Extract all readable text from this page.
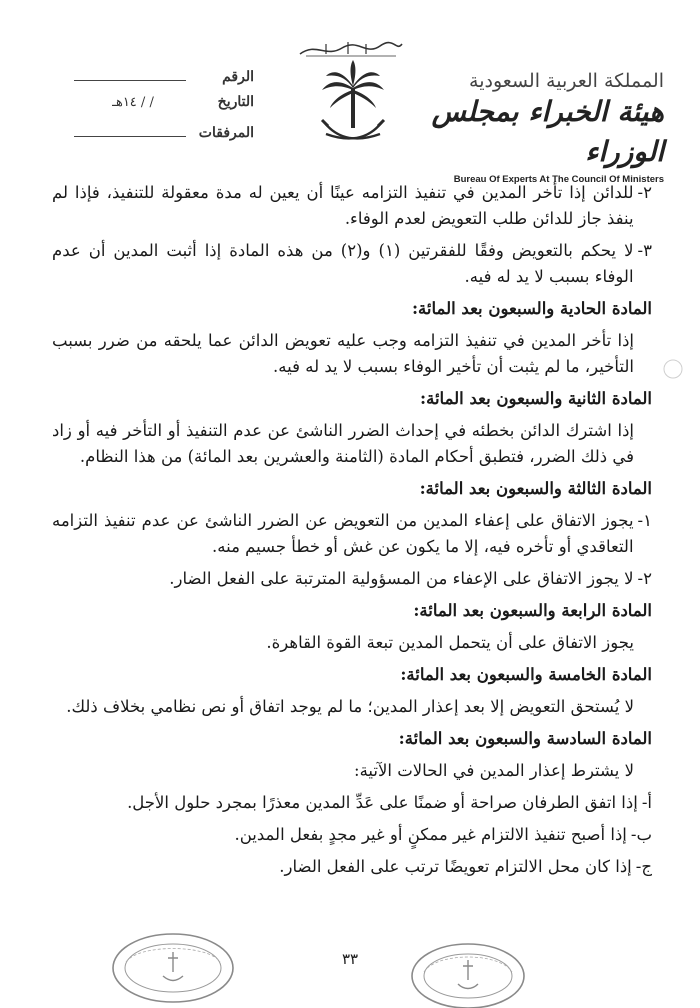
المملكة العربية السعودية
هيئة الخبراء بمجلس الوزراء
Bureau Of Experts At The Council Of Ministers
الرقم
التاريخ
/ / ١٤هـ
المرفقات
٢-
للدائن إذا تأخر المدين في تنفيذ التزامه عينًا أن يعين له مدة معقولة للتنفيذ، فإذا لم ينفذ جاز للدائن طلب التعويض لعدم الوفاء.
٣-
لا يحكم بالتعويض وفقًا للفقرتين (١) و(٢) من هذه المادة إذا أثبت المدين أن عدم الوفاء بسبب لا يد له فيه.
المادة الحادية والسبعون بعد المائة:

إذا تأخر المدين في تنفيذ التزامه وجب عليه تعويض الدائن عما يلحقه من ضرر بسبب التأخير، ما لم يثبت أن تأخير الوفاء بسبب لا يد له فيه.

المادة الثانية والسبعون بعد المائة:

إذا اشترك الدائن بخطئه في إحداث الضرر الناشئ عن عدم التنفيذ أو التأخر فيه أو زاد في ذلك الضرر، فتطبق أحكام المادة (الثامنة والعشرين بعد المائة) من هذا النظام.

المادة الثالثة والسبعون بعد المائة:
١-
يجوز الاتفاق على إعفاء المدين من التعويض عن الضرر الناشئ عن عدم تنفيذ التزامه التعاقدي أو تأخره فيه، إلا ما يكون عن غش أو خطأ جسيم منه.
٢-
لا يجوز الاتفاق على الإعفاء من المسؤولية المترتبة على الفعل الضار.
المادة الرابعة والسبعون بعد المائة:

يجوز الاتفاق على أن يتحمل المدين تبعة القوة القاهرة.

المادة الخامسة والسبعون بعد المائة:

لا يُستحق التعويض إلا بعد إعذار المدين؛ ما لم يوجد اتفاق أو نص نظامي بخلاف ذلك.

المادة السادسة والسبعون بعد المائة:

لا يشترط إعذار المدين في الحالات الآتية:

أ-
إذا اتفق الطرفان صراحة أو ضمنًا على عَدِّ المدين معذرًا بمجرد حلول الأجل.
ب-
إذا أصبح تنفيذ الالتزام غير ممكنٍ أو غير مجدٍ بفعل المدين.
ج-
إذا كان محل الالتزام تعويضًا ترتب على الفعل الضار.
٣٣
